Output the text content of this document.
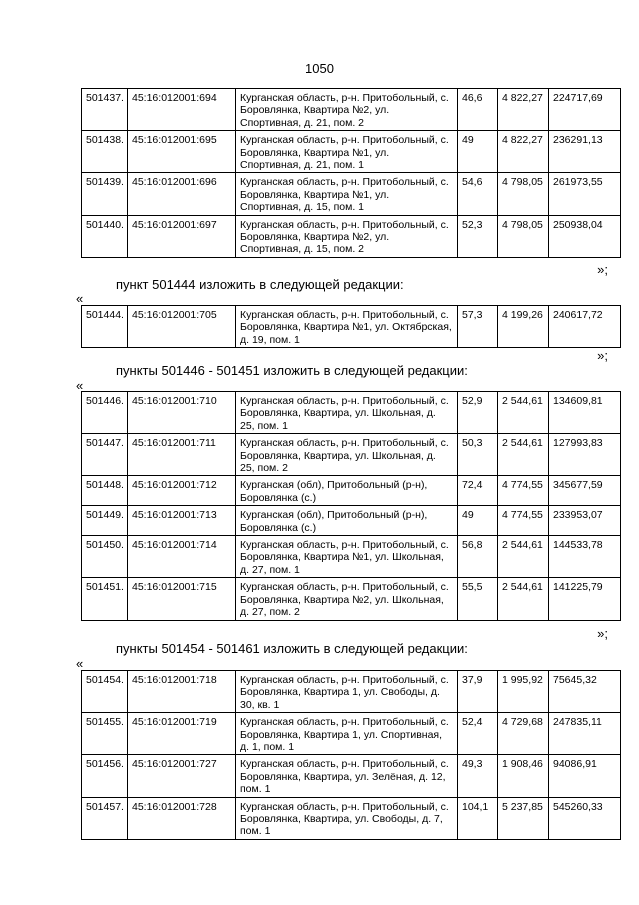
1050
501437.	45:16:012001:694	Курганская область, р-н. Притобольный, с. Боровлянка, Квартира №2, ул. Спортивная, д. 21, пом. 2	46,6	4 822,27	224717,69
501438.	45:16:012001:695	Курганская область, р-н. Притобольный, с. Боровлянка, Квартира №1, ул. Спортивная, д. 21, пом. 1	49	4 822,27	236291,13
501439.	45:16:012001:696	Курганская область, р-н. Притобольный, с. Боровлянка, Квартира №1, ул. Спортивная, д. 15, пом. 1	54,6	4 798,05	261973,55
501440.	45:16:012001:697	Курганская область, р-н. Притобольный, с. Боровлянка, Квартира №2, ул. Спортивная, д. 15, пом. 2	52,3	4 798,05	250938,04
»;
пункт 501444 изложить в следующей редакции:
«
501444.	45:16:012001:705	Курганская область, р-н. Притобольный, с. Боровлянка, Квартира №1, ул. Октябрская, д. 19, пом. 1	57,3	4 199,26	240617,72
»;
пункты 501446 - 501451 изложить в следующей редакции:
«
501446.	45:16:012001:710	Курганская область, р-н. Притобольный, с. Боровлянка, Квартира, ул. Школьная, д. 25, пом. 1	52,9	2 544,61	134609,81
501447.	45:16:012001:711	Курганская область, р-н. Притобольный, с. Боровлянка, Квартира, ул. Школьная, д. 25, пом. 2	50,3	2 544,61	127993,83
501448.	45:16:012001:712	Курганская (обл), Притобольный (р-н), Боровлянка (с.)	72,4	4 774,55	345677,59
501449.	45:16:012001:713	Курганская (обл), Притобольный (р-н), Боровлянка (с.)	49	4 774,55	233953,07
501450.	45:16:012001:714	Курганская область, р-н. Притобольный, с. Боровлянка, Квартира №1, ул. Школьная, д. 27, пом. 1	56,8	2 544,61	144533,78
501451.	45:16:012001:715	Курганская область, р-н. Притобольный, с. Боровлянка, Квартира №2, ул. Школьная, д. 27, пом. 2	55,5	2 544,61	141225,79
»;
пункты 501454 - 501461 изложить в следующей редакции:
«
501454.	45:16:012001:718	Курганская область, р-н. Притобольный, с. Боровлянка, Квартира 1, ул. Свободы, д. 30, кв. 1	37,9	1 995,92	75645,32
501455.	45:16:012001:719	Курганская область, р-н. Притобольный, с. Боровлянка, Квартира 1, ул. Спортивная, д. 1, пом. 1	52,4	4 729,68	247835,11
501456.	45:16:012001:727	Курганская область, р-н. Притобольный, с. Боровлянка, Квартира, ул. Зелёная, д. 12, пом. 1	49,3	1 908,46	94086,91
501457.	45:16:012001:728	Курганская область, р-н. Притобольный, с. Боровлянка, Квартира, ул. Свободы, д. 7, пом. 1	104,1	5 237,85	545260,33
